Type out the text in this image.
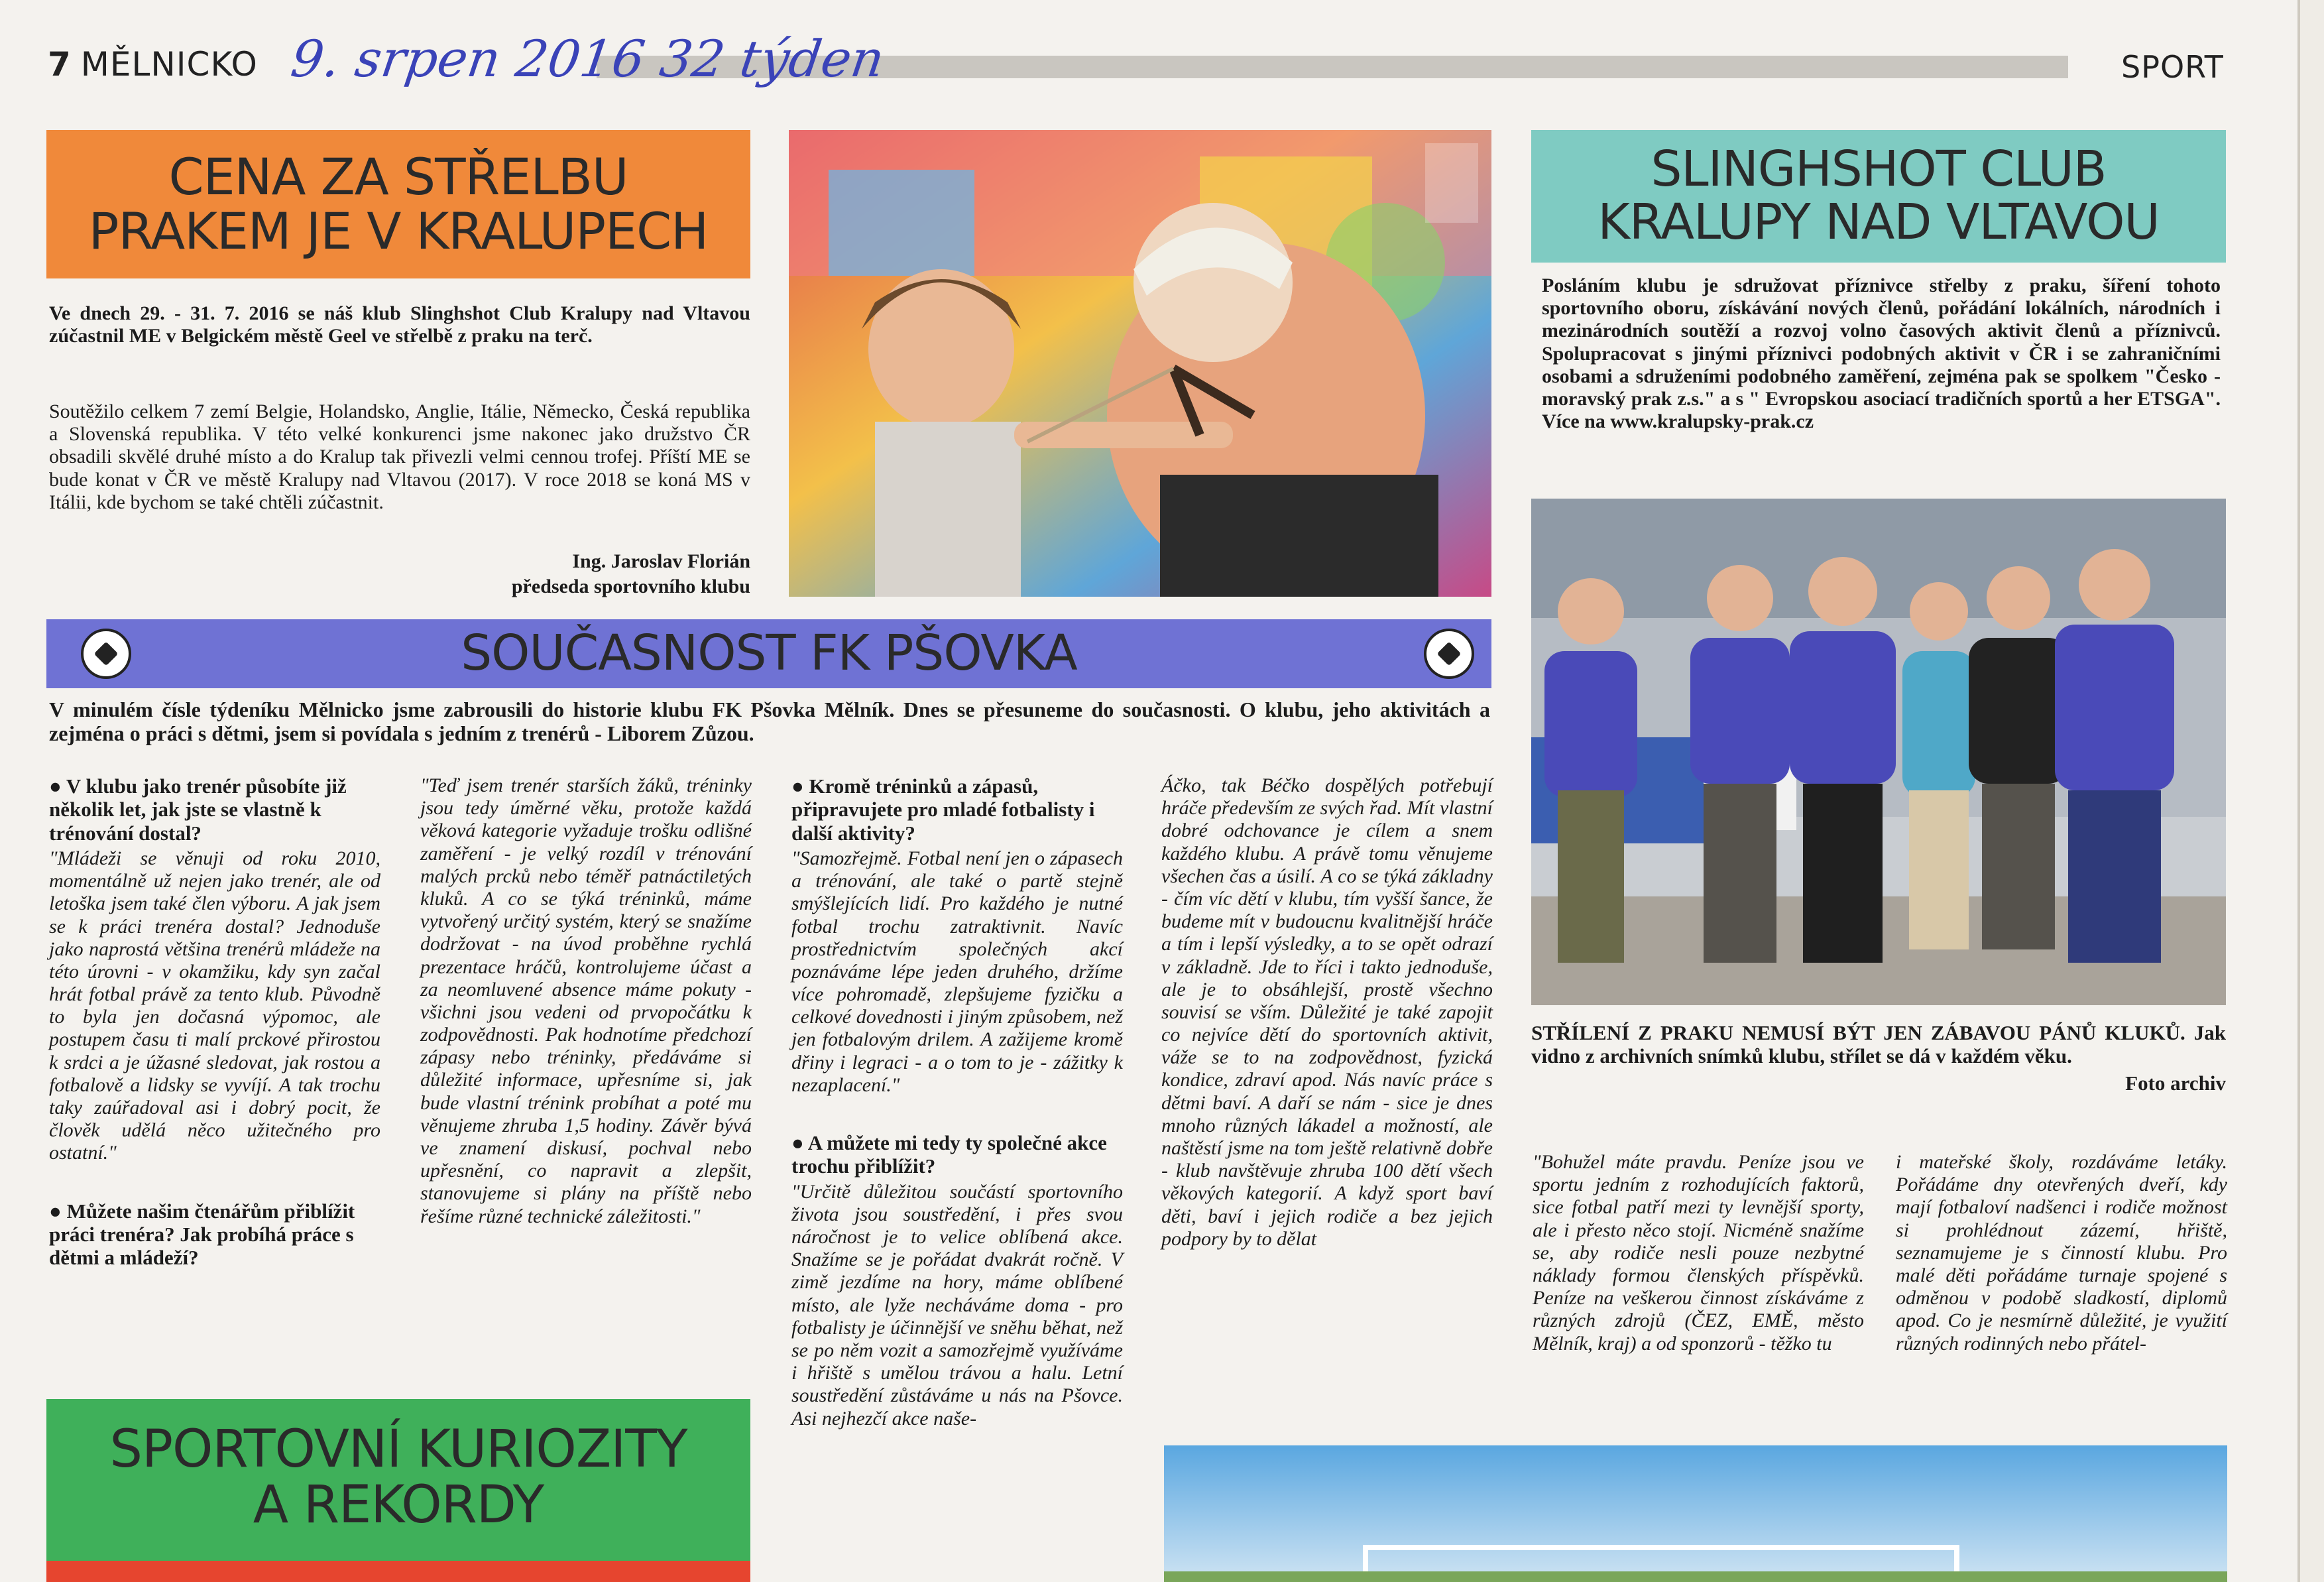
7 MĚLNICKO 9. srpen 2016 32 týden	SPORT
CENA ZA STŘELBU
PRAKEM JE V KRALUPECH
Ve dnech 29. - 31. 7. 2016 se náš klub Slinghshot Club Kralupy nad Vltavou zúčastnil ME v Belgickém městě Geel ve střelbě z praku na terč.
Soutěžilo celkem 7 zemí Belgie, Holandsko, Anglie, Itálie, Německo, Česká republika a Slovenská republika. V této velké konkurenci jsme nakonec jako družstvo ČR obsadili skvělé druhé místo a do Kralup tak přivezli velmi cennou trofej. Příští ME se bude konat v ČR ve městě Kralupy nad Vltavou (2017). V roce 2018 se koná MS v Itálii, kde bychom se také chtěli zúčastnit.
Ing. Jaroslav Florián
předseda sportovního klubu
SLINGHSHOT CLUB
KRALUPY NAD VLTAVOU
Posláním klubu je sdružovat příznivce střelby z praku, šíření tohoto sportovního oboru, získávání nových členů, pořádání lokálních, národních i mezinárodních soutěží a rozvoj volno časových aktivit členů a příznivců. Spolupracovat s jinými příznivci podobných aktivit v ČR i se zahraničními osobami a sdruženími podobného zaměření, zejména pak se spolkem "Česko - moravský prak z.s." a s " Evropskou asociací tradičních sportů a her ETSGA". Více na www.kralupsky-prak.cz
STŘÍLENÍ Z PRAKU NEMUSÍ BÝT JEN ZÁBAVOU PÁNŮ KLUKŮ. Jak vidno z archivních snímků klubu, střílet se dá v každém věku.
Foto archiv
SOUČASNOST FK PŠOVKA
V minulém čísle týdeníku Mělnicko jsme zabrousili do historie klubu FK Pšovka Mělník. Dnes se přesuneme do současnosti. O klubu, jeho aktivitách a zejména o práci s dětmi, jsem si povídala s jedním z trenérů - Liborem Zůzou.
● V klubu jako trenér působíte již několik let, jak jste se vlastně k trénování dostal?
"Mládeži se věnuji od roku 2010, momentálně už nejen jako trenér, ale od letoška jsem také člen výboru. A jak jsem se k práci trenéra dostal? Jednoduše jako naprostá většina trenérů mládeže na této úrovni - v okamžiku, kdy syn začal hrát fotbal právě za tento klub. Původně to byla jen dočasná výpomoc, ale postupem času ti malí prckové přirostou k srdci a je úžasné sledovat, jak rostou a fotbalově a lidsky se vyvíjí. A tak trochu taky zaúřadoval asi i dobrý pocit, že člověk udělá něco užitečného pro ostatní."
● Můžete našim čtenářům přiblížit práci trenéra? Jak probíhá práce s dětmi a mládeží?
"Teď jsem trenér starších žáků, tréninky jsou tedy úměrné věku, protože každá věková kategorie vyžaduje trošku odlišné zaměření - je velký rozdíl v trénování malých prcků nebo téměř patnáctiletých kluků. A co se týká tréninků, máme vytvořený určitý systém, který se snažíme dodržovat - na úvod proběhne rychlá prezentace hráčů, kontrolujeme účast a za neomluvené absence máme pokuty - všichni jsou vedeni od prvopočátku k zodpovědnosti. Pak hodnotíme předchozí zápasy nebo tréninky, předáváme si důležité informace, upřesníme si, jak bude vlastní trénink probíhat a poté mu věnujeme zhruba 1,5 hodiny. Závěr bývá ve znamení diskusí, pochval nebo upřesnění, co napravit a zlepšit, stanovujeme si plány na příště nebo řešíme různé technické záležitosti."
● Kromě tréninků a zápasů, připravujete pro mladé fotbalisty i další aktivity?
"Samozřejmě. Fotbal není jen o zápasech a trénování, ale také o partě stejně smýšlejících lidí. Pro každého je nutné fotbal trochu zatraktivnit. Navíc prostřednictvím společných akcí poznáváme lépe jeden druhého, držíme více pohromadě, zlepšujeme fyzičku a celkové dovednosti i jiným způsobem, než jen fotbalovým drilem. A zažijeme kromě dřiny i legraci - a o tom to je - zážitky k nezaplacení."
● A můžete mi tedy ty společné akce trochu přiblížit?
"Určitě důležitou součástí sportovního života jsou soustředění, i přes svou náročnost je to velice oblíbená akce. Snažíme se je pořádat dvakrát ročně. V zimě jezdíme na hory, máme oblíbené místo, ale lyže necháváme doma - pro fotbalisty je účinnější ve sněhu běhat, než se po něm vozit a samozřejmě využíváme i hřiště s umělou trávou a halu. Letní soustředění zůstáváme u nás na Pšovce. Asi nejhezčí akce naše-
Áčko, tak Béčko dospělých potřebují hráče především ze svých řad. Mít vlastní dobré odchovance je cílem a snem každého klubu. A právě tomu věnujeme všechen čas a úsilí. A co se týká základny - čím víc dětí v klubu, tím vyšší šance, že budeme mít v budoucnu kvalitnější hráče a tím i lepší výsledky, a to se opět odrazí v základně. Jde to říci i takto jednoduše, ale je to obsáhlejší, prostě všechno souvisí se vším. Důležité je také zapojit co nejvíce dětí do sportovních aktivit, váže se to na zodpovědnost, fyzická kondice, zdraví apod. Nás navíc práce s dětmi baví. A daří se nám - sice je dnes mnoho různých lákadel a možností, ale naštěstí jsme na tom ještě relativně dobře - klub navštěvuje zhruba 100 dětí všech věkových kategorií. A když sport baví děti, baví i jejich rodiče a bez jejich podpory by to dělat
"Bohužel máte pravdu. Peníze jsou ve sportu jedním z rozhodujících faktorů, sice fotbal patří mezi ty levnější sporty, ale i přesto něco stojí. Nicméně snažíme se, aby rodiče nesli pouze nezbytné náklady formou členských příspěvků. Peníze na veškerou činnost získáváme z různých zdrojů (ČEZ, EMĚ, město Mělník, kraj) a od sponzorů - těžko tu
i mateřské školy, rozdáváme letáky. Pořádáme dny otevřených dveří, kdy mají fotbaloví nadšenci i rodiče možnost si prohlédnout zázemí, hřiště, seznamujeme je s činností klubu. Pro malé děti pořádáme turnaje spojené s odměnou v podobě sladkostí, diplomů apod. Co je nesmírně důležité, je využití různých rodinných nebo přátel-
SPORTOVNÍ KURIOZITY
A REKORDY
